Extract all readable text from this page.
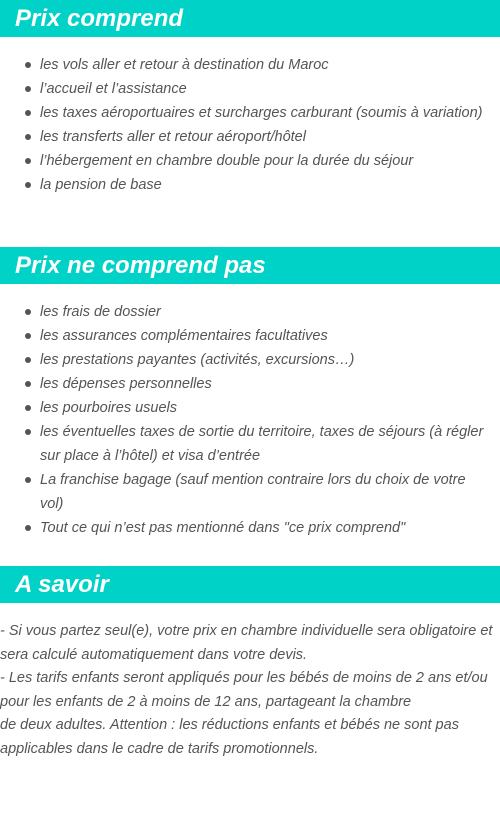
Prix comprend
les vols aller et retour à destination du Maroc
l’accueil et l’assistance
les taxes aéroportuaires et surcharges carburant (soumis à variation)
les transferts aller et retour aéroport/hôtel
l’hébergement en chambre double pour la durée du séjour
la pension de base
Prix ne comprend pas
les frais de dossier
les assurances complémentaires facultatives
les prestations payantes (activités, excursions…)
les dépenses personnelles
les pourboires usuels
les éventuelles taxes de sortie du territoire, taxes de séjours (à régler sur place à l’hôtel) et visa d’entrée
La franchise bagage (sauf mention contraire lors du choix de votre vol)
Tout ce qui n’est pas mentionné dans "ce prix comprend"
A savoir

- Si vous partez seul(e), votre prix en chambre individuelle sera obligatoire et sera calculé automatiquement dans votre devis.

- Les tarifs enfants seront appliqués pour les bébés de moins de 2 ans et/ou pour les enfants de 2 à moins de 12 ans, partageant la chambre

de deux adultes. Attention : les réductions enfants et bébés ne sont pas applicables dans le cadre de tarifs promotionnels.
